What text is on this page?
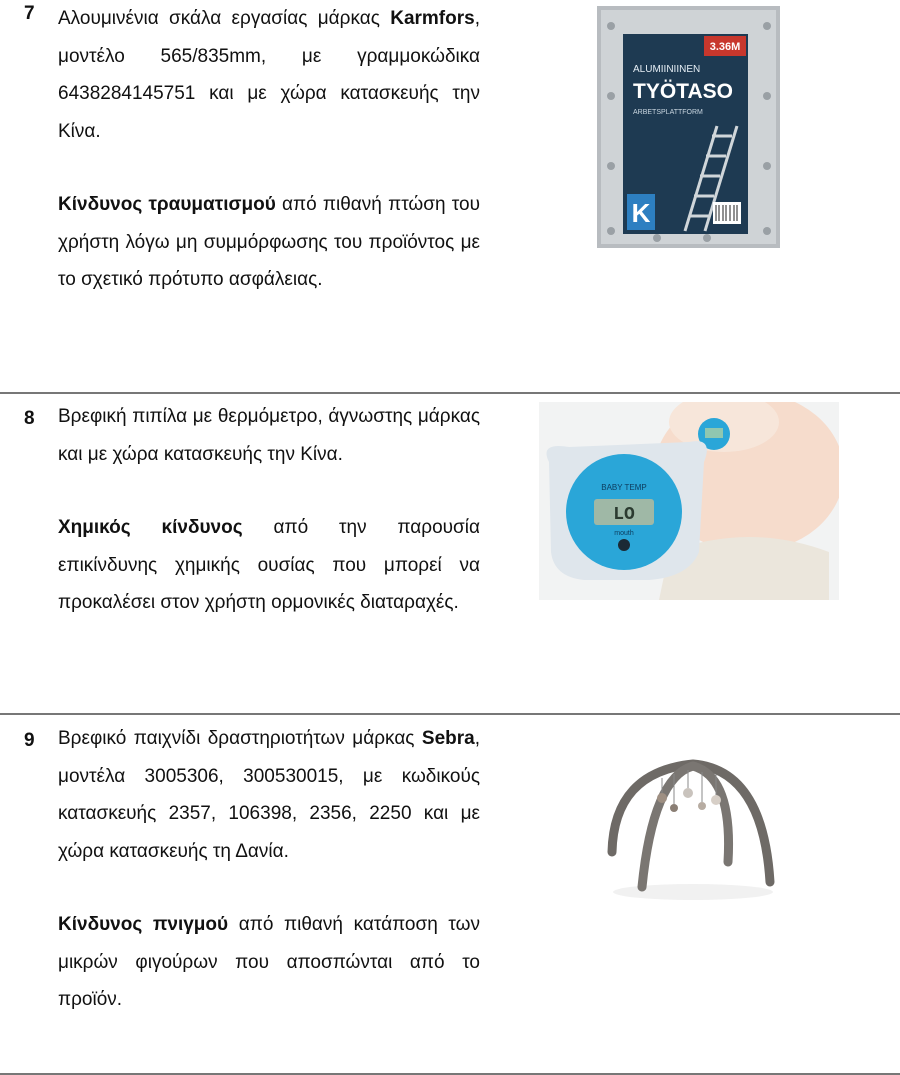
7 Αλουμινένια σκάλα εργασίας μάρκας Karmfors, μοντέλο 565/835mm, με γραμμοκώδικα 6438284145751 και με χώρα κατασκευής την Κίνα.

Κίνδυνος τραυματισμού από πιθανή πτώση του χρήστη λόγω μη συμμόρφωσης του προϊόντος με το σχετικό πρότυπο ασφάλειας.

3.36M
ALUMIINIINEN
TYÖTASO
ARBETSPLATTFORM
K
8 Βρεφική πιπίλα με θερμόμετρο, άγνωστης μάρκας και με χώρα κατασκευής την Κίνα.

Χημικός κίνδυνος από την παρουσία επικίνδυνης χημικής ουσίας που μπορεί να προκαλέσει στον χρήστη ορμονικές διαταραχές.

BABY TEMP
LO
mouth
9 Βρεφικό παιχνίδι δραστηριοτήτων μάρκας Sebra, μοντέλα 3005306, 300530015, με κωδικούς κατασκευής 2357, 106398, 2356, 2250 και με χώρα κατασκευής τη Δανία.

Κίνδυνος πνιγμού από πιθανή κατάποση των μικρών φιγούρων που αποσπώνται από το προϊόν.
